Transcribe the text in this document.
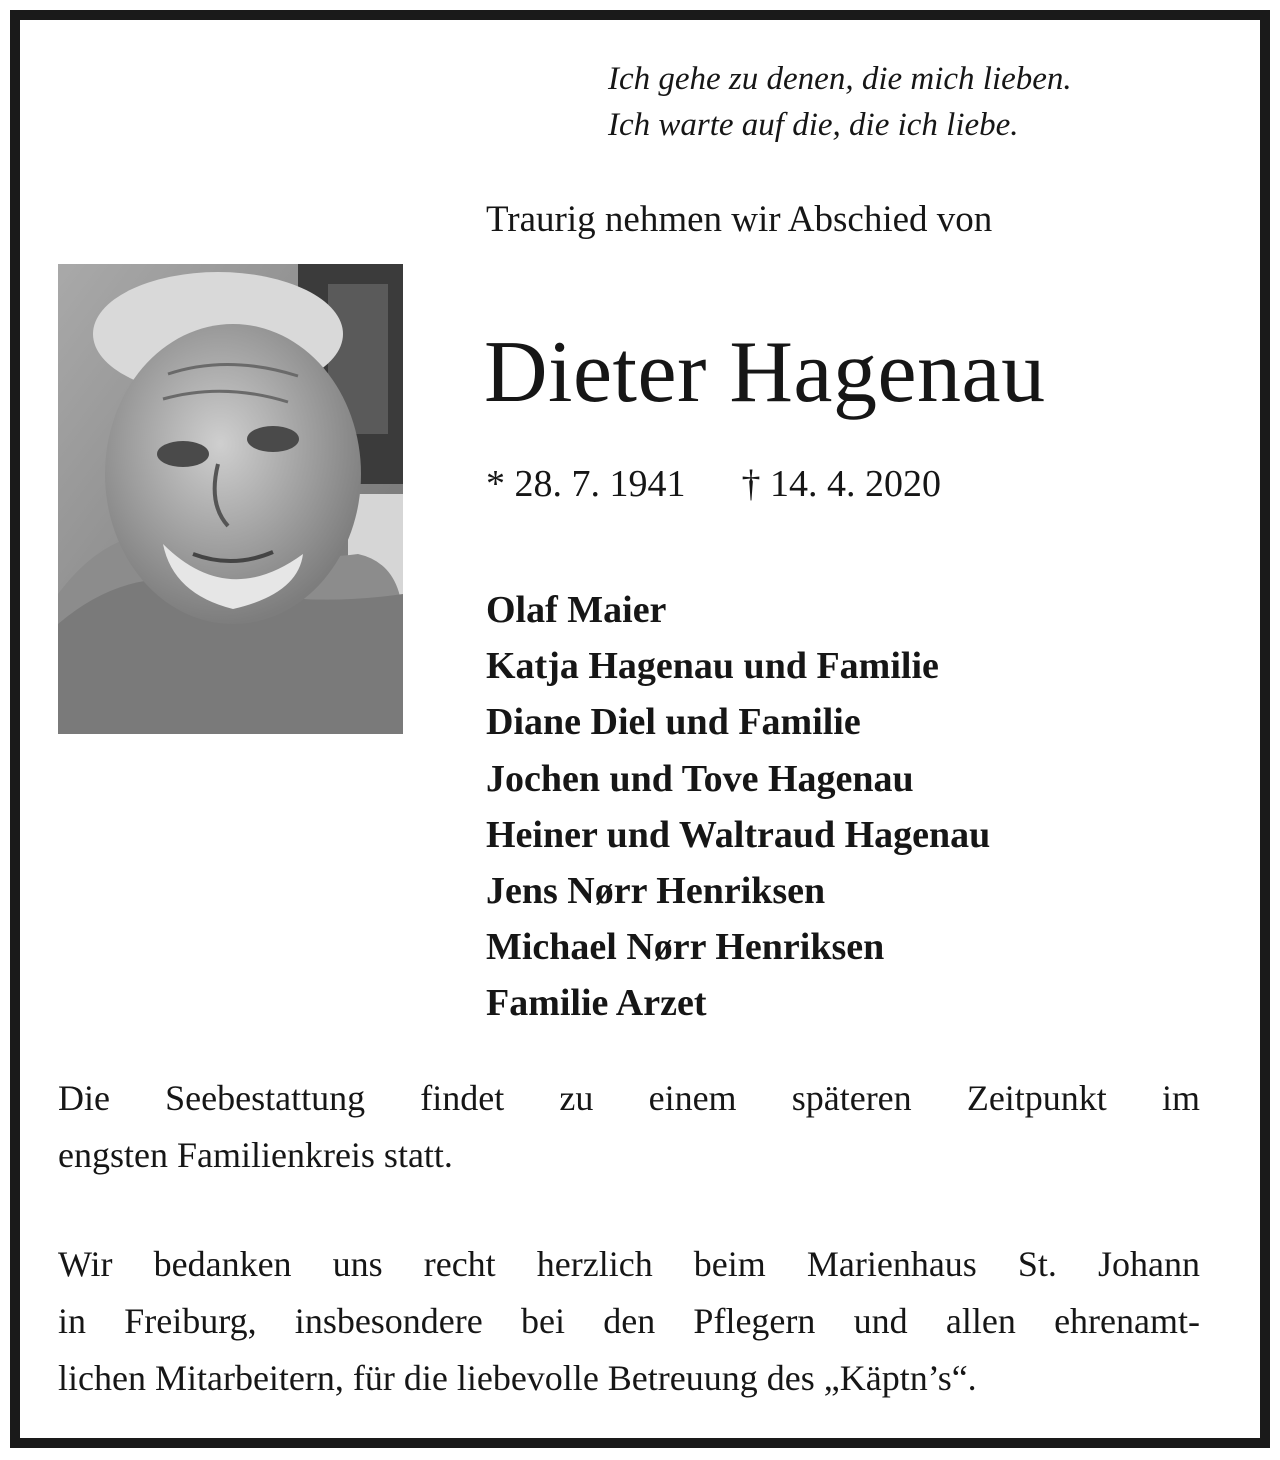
Ich gehe zu denen, die mich lieben.
Ich warte auf die, die ich liebe.
Traurig nehmen wir Abschied von
Dieter Hagenau
* 28. 7. 1941 † 14. 4. 2020
Olaf Maier
Katja Hagenau und Familie
Diane Diel und Familie
Jochen und Tove Hagenau
Heiner und Waltraud Hagenau
Jens Nørr Henriksen
Michael Nørr Henriksen
Familie Arzet
Die Seebestattung findet zu einem späteren Zeitpunkt im
engsten Familienkreis statt.
Wir bedanken uns recht herzlich beim Marienhaus St. Johann
in Freiburg, insbesondere bei den Pflegern und allen ehrenamt-
lichen Mitarbeitern, für die liebevolle Betreuung des „Käptn’s“.
